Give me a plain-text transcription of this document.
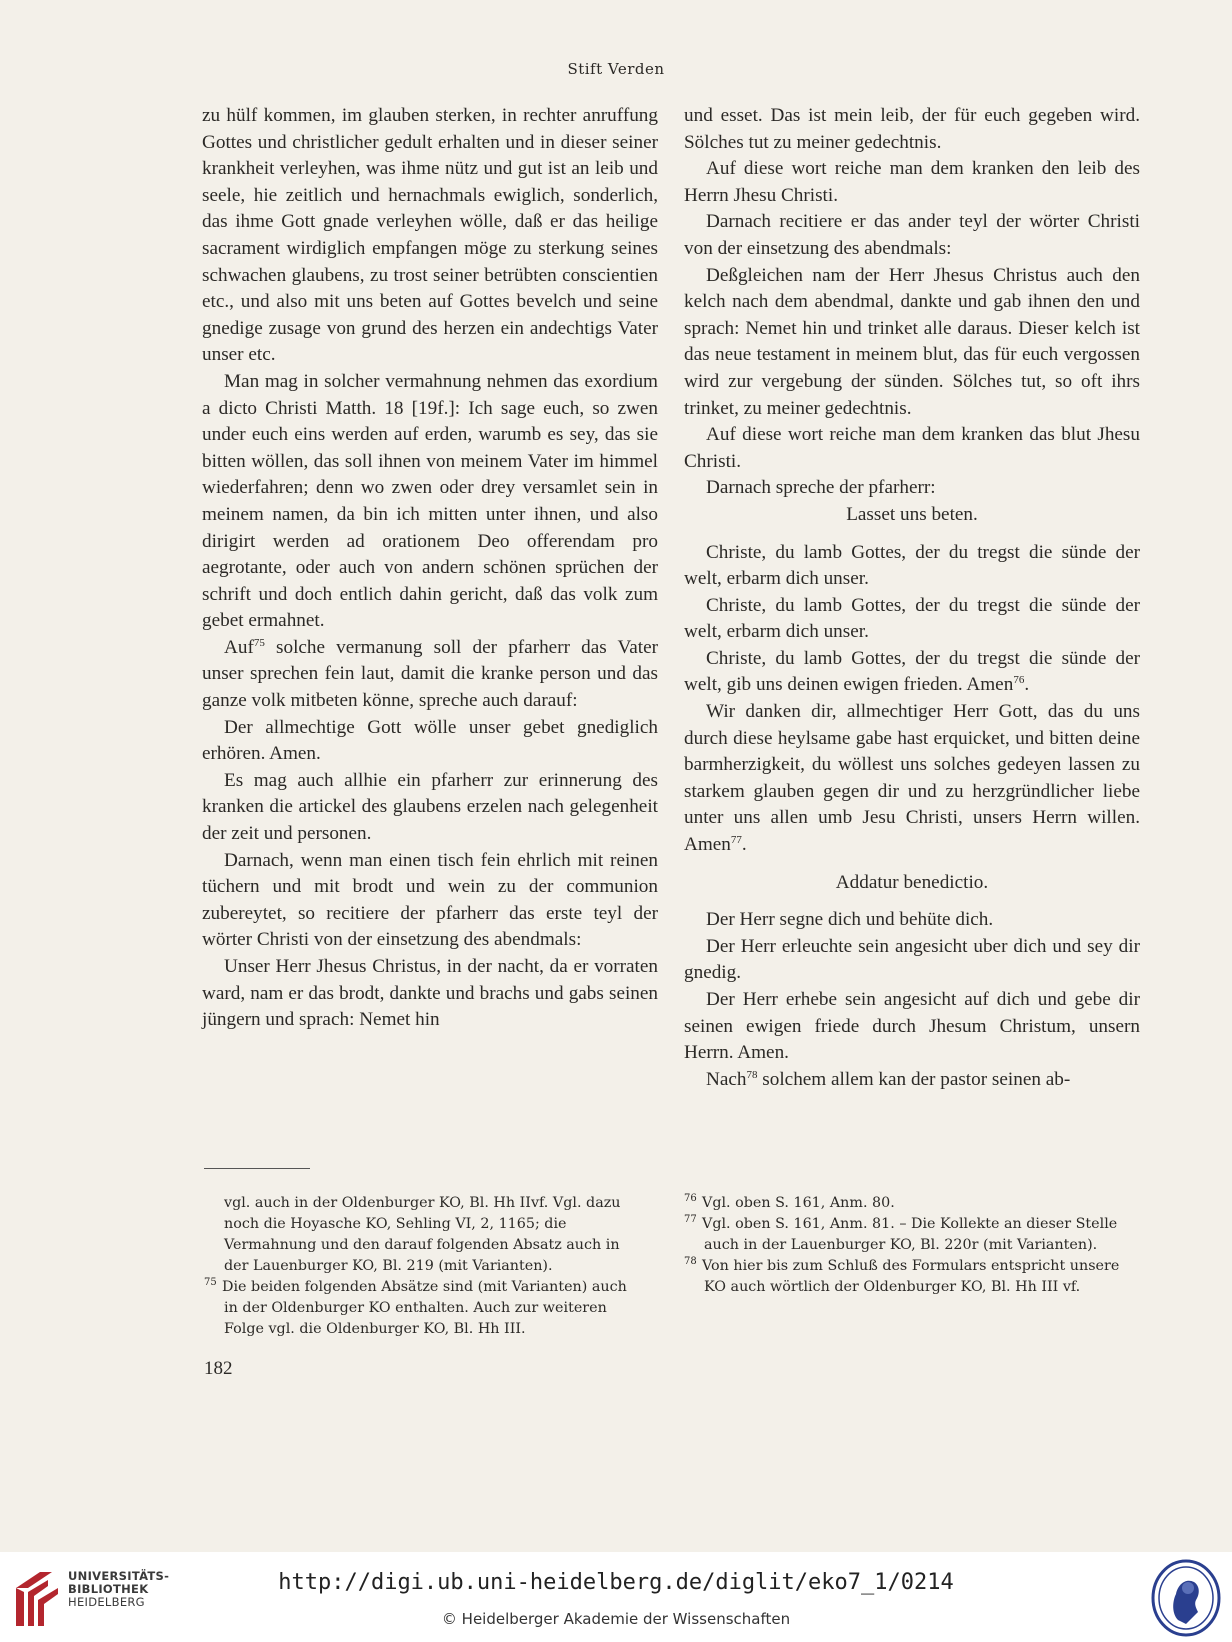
Stift Verden

zu hülf kommen, im glauben sterken, in rechter anruffung Gottes und christlicher gedult erhalten und in dieser seiner krankheit verleyhen, was ihme nütz und gut ist an leib und seele, hie zeitlich und hernachmals ewiglich, sonderlich, das ihme Gott gnade verleyhen wölle, daß er das heilige sacrament wirdiglich empfangen möge zu sterkung seines schwachen glaubens, zu trost seiner betrübten conscientien etc., und also mit uns beten auf Gottes bevelch und seine gnedige zusage von grund des herzen ein andechtigs Vater unser etc.

Man mag in solcher vermahnung nehmen das exordium a dicto Christi Matth. 18 [19f.]: Ich sage euch, so zwen under euch eins werden auf erden, warumb es sey, das sie bitten wöllen, das soll ihnen von meinem Vater im himmel wiederfahren; denn wo zwen oder drey versamlet sein in meinem namen, da bin ich mitten unter ihnen, und also dirigirt werden ad orationem Deo offerendam pro aegrotante, oder auch von andern schönen sprüchen der schrift und doch entlich dahin gericht, daß das volk zum gebet ermahnet.

Auf$^{75}$ solche vermanung soll der pfarherr das Vater unser sprechen fein laut, damit die kranke person und das ganze volk mitbeten könne, spreche auch darauf:

Der allmechtige Gott wölle unser gebet gnediglich erhören. Amen.

Es mag auch allhie ein pfarherr zur erinnerung des kranken die artickel des glaubens erzelen nach gelegenheit der zeit und personen.

Darnach, wenn man einen tisch fein ehrlich mit reinen tüchern und mit brodt und wein zu der communion zubereytet, so recitiere der pfarherr das erste teyl der wörter Christi von der einsetzung des abendmals:

Unser Herr Jhesus Christus, in der nacht, da er vorraten ward, nam er das brodt, dankte und brachs und gabs seinen jüngern und sprach: Nemet hin

und esset. Das ist mein leib, der für euch gegeben wird. Sölches tut zu meiner gedechtnis.

Auf diese wort reiche man dem kranken den leib des Herrn Jhesu Christi.

Darnach recitiere er das ander teyl der wörter Christi von der einsetzung des abendmals:

Deßgleichen nam der Herr Jhesus Christus auch den kelch nach dem abendmal, dankte und gab ihnen den und sprach: Nemet hin und trinket alle daraus. Dieser kelch ist das neue testament in meinem blut, das für euch vergossen wird zur vergebung der sünden. Sölches tut, so oft ihrs trinket, zu meiner gedechtnis.

Auf diese wort reiche man dem kranken das blut Jhesu Christi.

Darnach spreche der pfarherr:

Lasset uns beten.

Christe, du lamb Gottes, der du tregst die sünde der welt, erbarm dich unser.

Christe, du lamb Gottes, der du tregst die sünde der welt, erbarm dich unser.

Christe, du lamb Gottes, der du tregst die sünde der welt, gib uns deinen ewigen frieden. Amen$^{76}$.

Wir danken dir, allmechtiger Herr Gott, das du uns durch diese heylsame gabe hast erquicket, und bitten deine barmherzigkeit, du wöllest uns solches gedeyen lassen zu starkem glauben gegen dir und zu herzgründlicher liebe unter uns allen umb Jesu Christi, unsers Herrn willen. Amen$^{77}$.

Addatur benedictio.

Der Herr segne dich und behüte dich.

Der Herr erleuchte sein angesicht uber dich und sey dir gnedig.

Der Herr erhebe sein angesicht auf dich und gebe dir seinen ewigen friede durch Jhesum Christum, unsern Herrn. Amen.

Nach$^{78}$ solchem allem kan der pastor seinen ab-

vgl. auch in der Oldenburger KO, Bl. Hh IIvf. Vgl. dazu noch die Hoyasche KO, Sehling VI, 2, 1165; die Vermahnung und den darauf folgenden Absatz auch in der Lauenburger KO, Bl. 219 (mit Varianten).

$^{75}$ Die beiden folgenden Absätze sind (mit Varianten) auch in der Oldenburger KO enthalten. Auch zur weiteren Folge vgl. die Oldenburger KO, Bl. Hh III.

$^{76}$ Vgl. oben S. 161, Anm. 80.

$^{77}$ Vgl. oben S. 161, Anm. 81. – Die Kollekte an dieser Stelle auch in der Lauenburger KO, Bl. 220r (mit Varianten).

$^{78}$ Von hier bis zum Schluß des Formulars entspricht unsere KO auch wörtlich der Oldenburger KO, Bl. Hh III vf.

182
UNIVERSITÄTS-
BIBLIOTHEK
HEIDELBERG
http://digi.ub.uni-heidelberg.de/diglit/eko7_1/0214
© Heidelberger Akademie der Wissenschaften
